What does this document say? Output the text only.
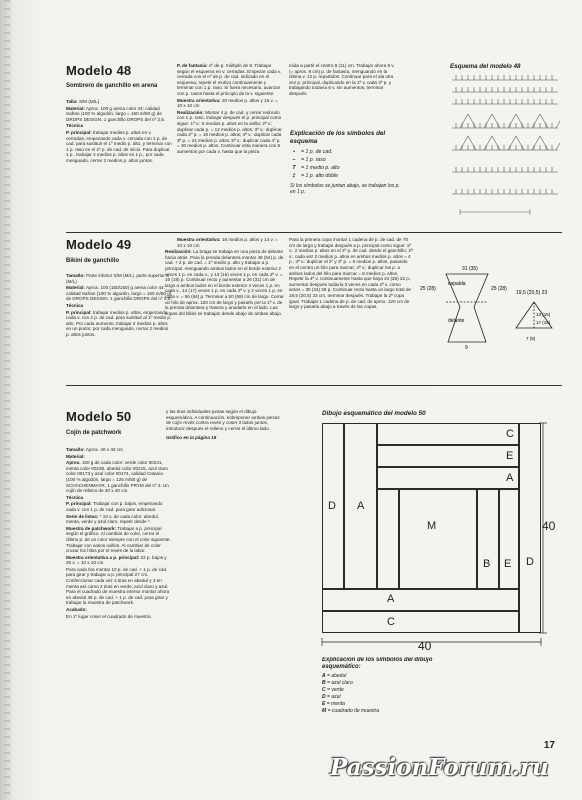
Modelo 48
Sombrero de ganchillo en arena

Talla: S/M (M/L)

Material: Aprox. 100 g arena color 44: calidad Safran (100 % algodón, largo = 160 m/50 g) de DROPS DESIGN. 1 ganchillo DROPS del nº 2,5.

Técnica

P. principal: trabajar medios p. altos en v. cerradas, empezando cada v. cerrada con 2 p. de cad. para sustituir el 1º medio p. alto, y terminar con 1 p. raso en el 2º p. de cad. de inicio. Para duplicar 1 p., trabajar 2 medios p. altos en 1 p., por cada menguado, cerrar 2 medios p. altos juntos.

P. de fantasía: nº de p. múltiplo de 8. Trabajar según el esquema en v. cerradas. Empezar cada v. cerrada con el nº de p. de cad. indicado en el esquema, repetir el motivo continuamente y terminar con 1 p. raso. Si fuera necesario, avanzar con p. rasos hasta el principio de la v. siguiente.

Muestra orientativa: 20 medios p. altos y 15 v. = 10 x 10 cm

Realización: Montar 4 p. de cad. y cerrar redondo con 1 p. raso, trabajar después el p. principal como sigue: 1ª v.: 6 medios p. altos en la anilla; 2ª v.: duplicar cada p. = 12 medios p. altos; 3ª v.: duplicar cada 2º p. = 18 medios p. altos; 4ª v.: duplicar cada 3ª p. = 24 medios p. altos; 5ª v.: duplicar cada 4º p. = 30 medios p. altos. Continuar esta manera con 6 aumentos por cada v. hasta que la pieza

mida a partir el centro 9 (11) cm. Trabajar ahora 9 v. (= aprox. 8 cm) p. de fantasía, menguando en la última v. 12 p. repartidos. Continuar para el ala otra vez p. principal, duplicando en la 1ª v. cada 3ª p. y trabajando todavía 6 v. sin aumentos, terminar después.

Explicación de los símbolos del esquema
•	= 1 p. de cad.
–	= 1 p. raso
T	= 1 medio p. alto
‡	= 1 p. alto doble
Si los símbolos se juntan abajo, se trabajan los p. en 1 p.
Esquema del modelo 48
Modelo 49
Bikini de ganchillo

Tamaño: Parte inferior S/M (M/L), parte superior S (M/L)

Material: Aprox. 100 (150/150) g arena color 44: calidad Safran (100 % algodón, largo = 160 m/50 g) de DROPS DESIGN. 1 ganchillo DROPS del nº 2,5.

Técnica

P. principal: trabajar medios p. altos, empezando cada v. con 2 p. de cad. para sustituir al 1º medio p. alto. Por cada aumento, trabajar 2 medios p. altos en un punto; por cada menguado, cerrar 2 medios p. altos juntos.

Muestra orientativa: 18 medios p. altos y 14 v. = 10 x 10 cm

Realización: La braga se trabaja en una pieza de delante hacia atrás. Para la prenda delantera montar 48 (54) p. de cad. + 2 p. de cad. = 1º medio p. alto y trabajar a p. principal, menguando ambos lados en el borde exterior 2 veces 1 p. en cada v., y 13 (16) veces 1 p. en cada 2ª v. = 16 (18) p. Continuar recto y aumentar a 26 (31) cm de largo a ambos lados en el borde exterior 4 veces 1 p. en cada v., 14 (17) veces 1 p. en cada 2ª v. y 2 veces 1 p. en cada v. = 56 (64) p. Terminar a 50 (59) cm de largo. Cerrar un hilo de aprox. 120 cm de largo y pasarlo por la 1ª v. de la prenda delantera y trasera y anudarlo en el lado. Las copas del bikini se trabajan desde abajo de ambas abajo.

Para la primera copa montar 1 cadena de p. de cad. de 70 cm de largo y trabajar después a p. principal como sigue: 1ª v.: 2 medios p. altos en el 3º p. de cad. desde el ganchillo; 2ª v.: cada vez 2 medios p. altos en ambos medios p. altos = 4 p.; 3ª v.: duplicar el 2º y 3º p. = 6 medios p. altos, pasando en el centro un hilo para marcar; 4ª v.: duplicar los p. a ambos lados del hilo para marcar = 8 medios p. altos. Repetir la 4ª v. continuamente hasta que haya 24 (28) 32 p., aumentar después todavía 3 veces en cada 2ª v. como antes = 30 (34) 38 p. Continuar recto hasta un largo total de 19,5 (20,5) 23 cm, terminar después. Trabajar la 2ª copa igual. Trabajar 1 cadena de p. de cad. de aprox. 120 cm de largo y pasarla abajo a través de las copas.

31 (35)
espalda
delante
25 (28)	25 (28)
9
19,5 (20,5) 23
13 (15)
17 (19)
7 (8)
Modelo 50
Cojín de patchwork

Tamaño: Aprox. 40 x 40 cm

Material:

Aprox. 150 g de cada color: verde color 00241, menta color 00238, abedul color 00215, azul claro color 00173 y azul color 00174, calidad Catania (100 % algodón, largo = 125 m/50 g) de SCHACHENMAYR, 1 ganchillo PRYM del nº 3. Un cojín de relleno de 40 x 40 cm.

Técnica

P. principal: Trabajar con p. bajos, empezando cada v. con 1 p. de cad. para girar adicional.

Serie de listas: * 10 v. de cada color: abedul, menta, verde y azul claro, repetir desde *.

Muestra de patchwork: Trabajar a p. principal según el gráfico. Al cambiar de color, cerrar el último p. de un color siempre con el color siguiente. Trabajar con varios ovillos. Al cambiar de color cruzar los hilos por el revés de la labor.

Muestra orientativa a p. principal: 22 p. bajos y 25 v. = 10 x 10 cm.

Para cada tira montar 10 p. de cad. + 1 p. de cad. para girar y trabajar a p. principal 27 cm. Confeccionar cada vez 3 tiras en abedul y 3 en menta así como 2 tiras en verde, azul claro y azul. Para el cuadrado de muestra interior montar ahora en abedul 36 p. de cad. + 1 p. de cad. para girar y trabajar la muestra de patchwork.

Acabado:

En 1º lugar coser el cuadrado de muestra

y las tiras individuales juntas según el dibujo esquemático. A continuación, sobreponer ambas piezas de cojín revés contra revés y coser 3 lados juntos, introducir después el relleno y cerrar el último lado.

Gráfico en la página 18

Dibujo esquemático del modelo 50
C
E
A
D A
M
B E D
A
C
40
40
Explicación de los símbolos del dibujo esquemático:
A = abedul
B = azul claro
C = verde
D = azul
E = menta
M = cuadrado de muestra
17
PassionForum.ru
